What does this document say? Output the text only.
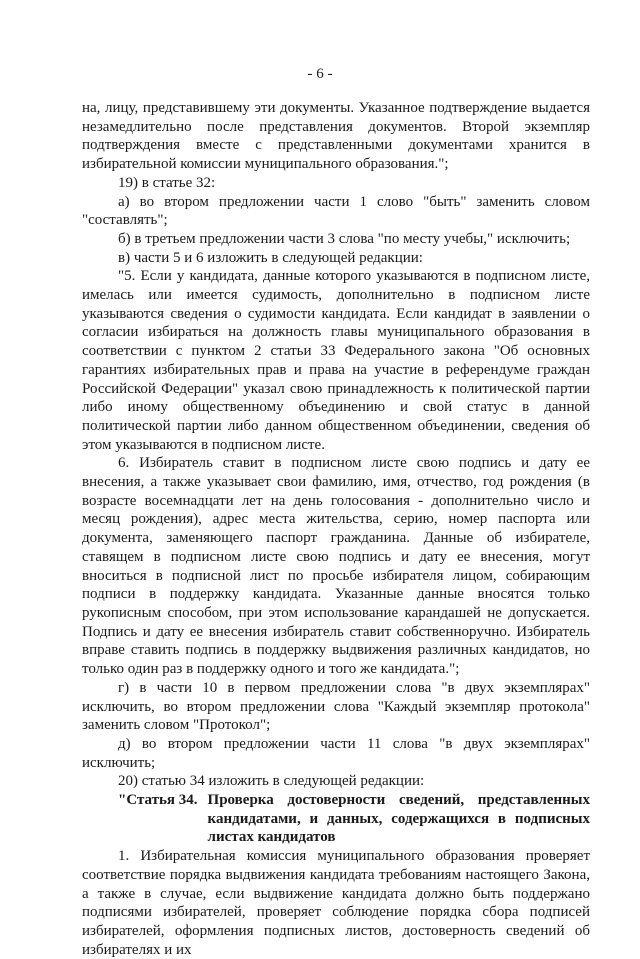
- 6 -

на, лицу, представившему эти документы. Указанное подтверждение выдается незамедлительно после представления документов. Второй экземпляр подтверждения вместе с представленными документами хранится в избирательной комиссии муниципального образования.";

19) в статье 32:

а) во втором предложении части 1 слово "быть" заменить словом "составлять";

б) в третьем предложении части 3 слова "по месту учебы," исключить;

в) части 5 и 6 изложить в следующей редакции:

"5. Если у кандидата, данные которого указываются в подписном листе, имелась или имеется судимость, дополнительно в подписном листе указываются сведения о судимости кандидата. Если кандидат в заявлении о согласии избираться на должность главы муниципального образования в соответствии с пунктом 2 статьи 33 Федерального закона "Об основных гарантиях избирательных прав и права на участие в референдуме граждан Российской Федерации" указал свою принадлежность к политической партии либо иному общественному объединению и свой статус в данной политической партии либо данном общественном объединении, сведения об этом указываются в подписном листе.

6. Избиратель ставит в подписном листе свою подпись и дату ее внесения, а также указывает свои фамилию, имя, отчество, год рождения (в возрасте восемнадцати лет на день голосования - дополнительно число и месяц рождения), адрес места жительства, серию, номер паспорта или документа, заменяющего паспорт гражданина. Данные об избирателе, ставящем в подписном листе свою подпись и дату ее внесения, могут вноситься в подписной лист по просьбе избирателя лицом, собирающим подписи в поддержку кандидата. Указанные данные вносятся только рукописным способом, при этом использование карандашей не допускается. Подпись и дату ее внесения избиратель ставит собственноручно. Избиратель вправе ставить подпись в поддержку выдвижения различных кандидатов, но только один раз в поддержку одного и того же кандидата.";

г) в части 10 в первом предложении слова "в двух экземплярах" исключить, во втором предложении слова "Каждый экземпляр протокола" заменить словом "Протокол";

д) во втором предложении части 11 слова "в двух экземплярах" исключить;

20) статью 34 изложить в следующей редакции:

"Статья 34. Проверка достоверности сведений, представленных кандидатами, и данных, содержащихся в подписных листах кандидатов

1. Избирательная комиссия муниципального образования проверяет соответствие порядка выдвижения кандидата требованиям настоящего Закона, а также в случае, если выдвижение кандидата должно быть поддержано подписями избирателей, проверяет соблюдение порядка сбора подписей избирателей, оформления подписных листов, достоверность сведений об избирателях и их
